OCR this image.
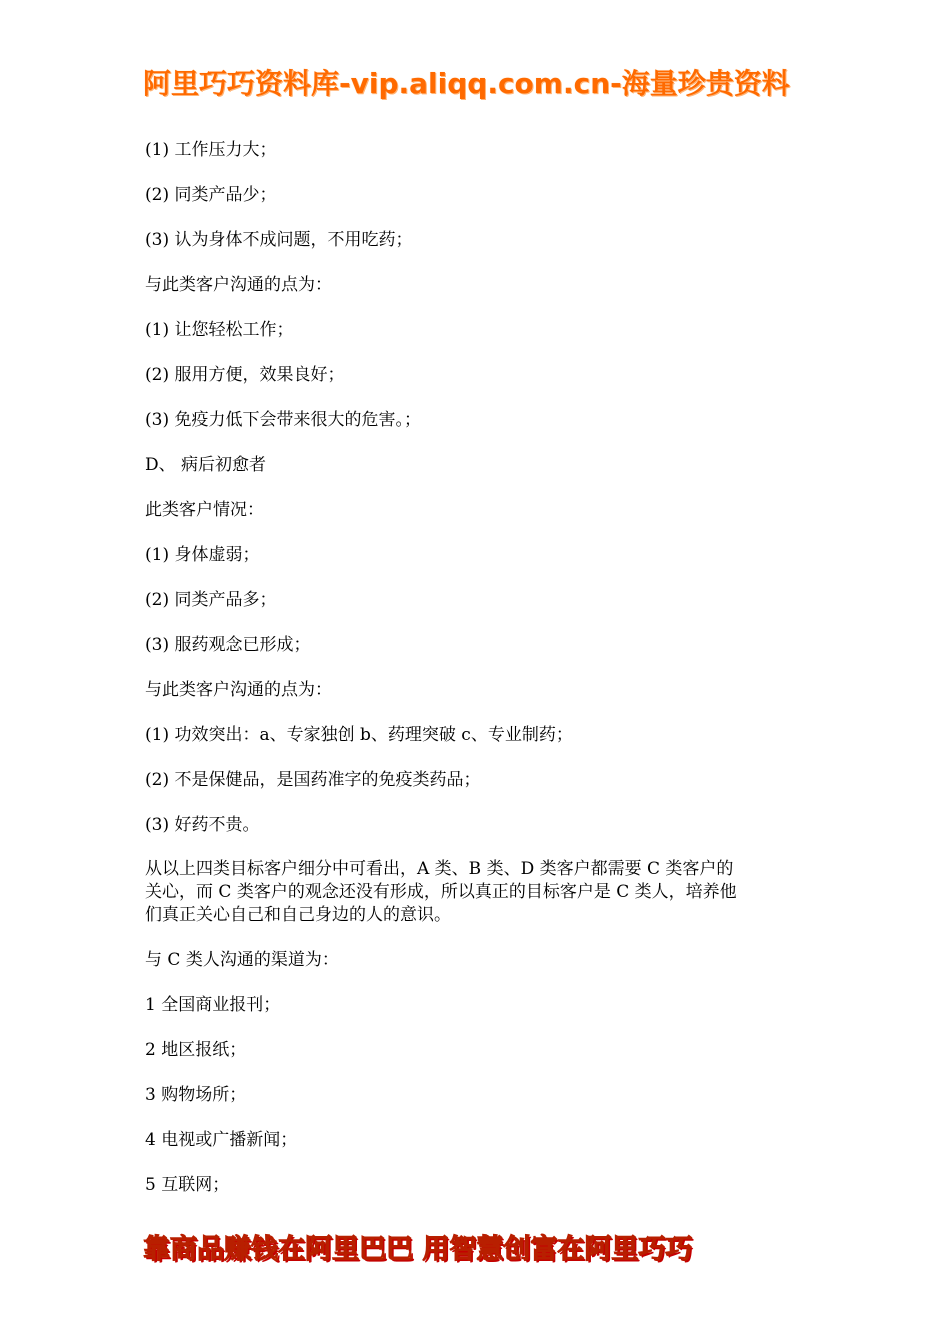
阿里巧巧资料库-vip.aliqq.com.cn-海量珍贵资料
(1) 工作压力大；
(2) 同类产品少；
(3) 认为身体不成问题，不用吃药；
与此类客户沟通的点为：
(1) 让您轻松工作；
(2) 服用方便，效果良好；
(3) 免疫力低下会带来很大的危害。；
D、 病后初愈者
此类客户情况：
(1) 身体虚弱；
(2) 同类产品多；
(3) 服药观念已形成；
与此类客户沟通的点为：
(1) 功效突出：a、专家独创 b、药理突破 c、专业制药；
(2) 不是保健品，是国药准字的免疫类药品；
(3) 好药不贵。
从以上四类目标客户细分中可看出，A 类、B 类、D 类客户都需要 C 类客户的
关心，而 C 类客户的观念还没有形成，所以真正的目标客户是 C 类人，培养他
们真正关心自己和自己身边的人的意识。
与 C 类人沟通的渠道为：
1 全国商业报刊；
2 地区报纸；
3 购物场所；
4 电视或广播新闻；
5 互联网；
靠商品赚钱在阿里巴巴 用智慧创富在阿里巧巧
